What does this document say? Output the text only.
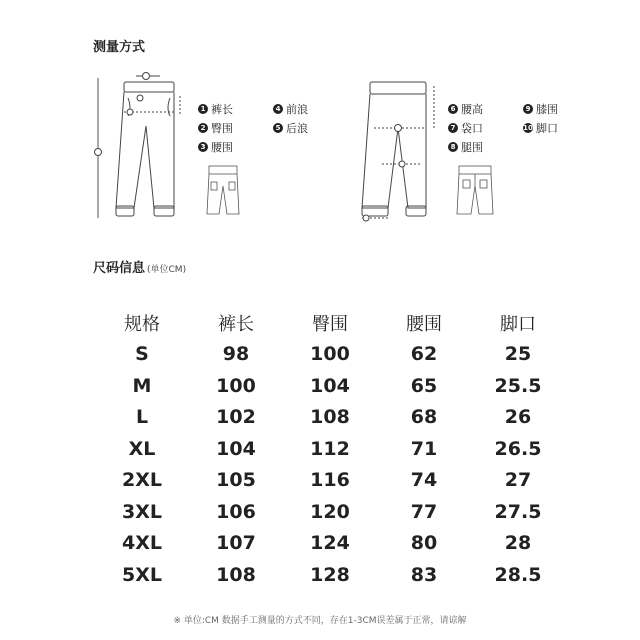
测量方式
1 裤长
2 臀围
3 腰围
4 前浪
5 后浪
6 腰高
7 袋口
8 腿围
9 膝围
10 脚口
尺码信息 (单位CM)
规格	裤长	臀围	腰围	脚口
S	98	100	62	25
M	100	104	65	25.5
L	102	108	68	26
XL	104	112	71	26.5
2XL	105	116	74	27
3XL	106	120	77	27.5
4XL	107	124	80	28
5XL	108	128	83	28.5
※ 单位:CM 数据手工测量的方式不同，存在1-3CM误差属于正常，请谅解
